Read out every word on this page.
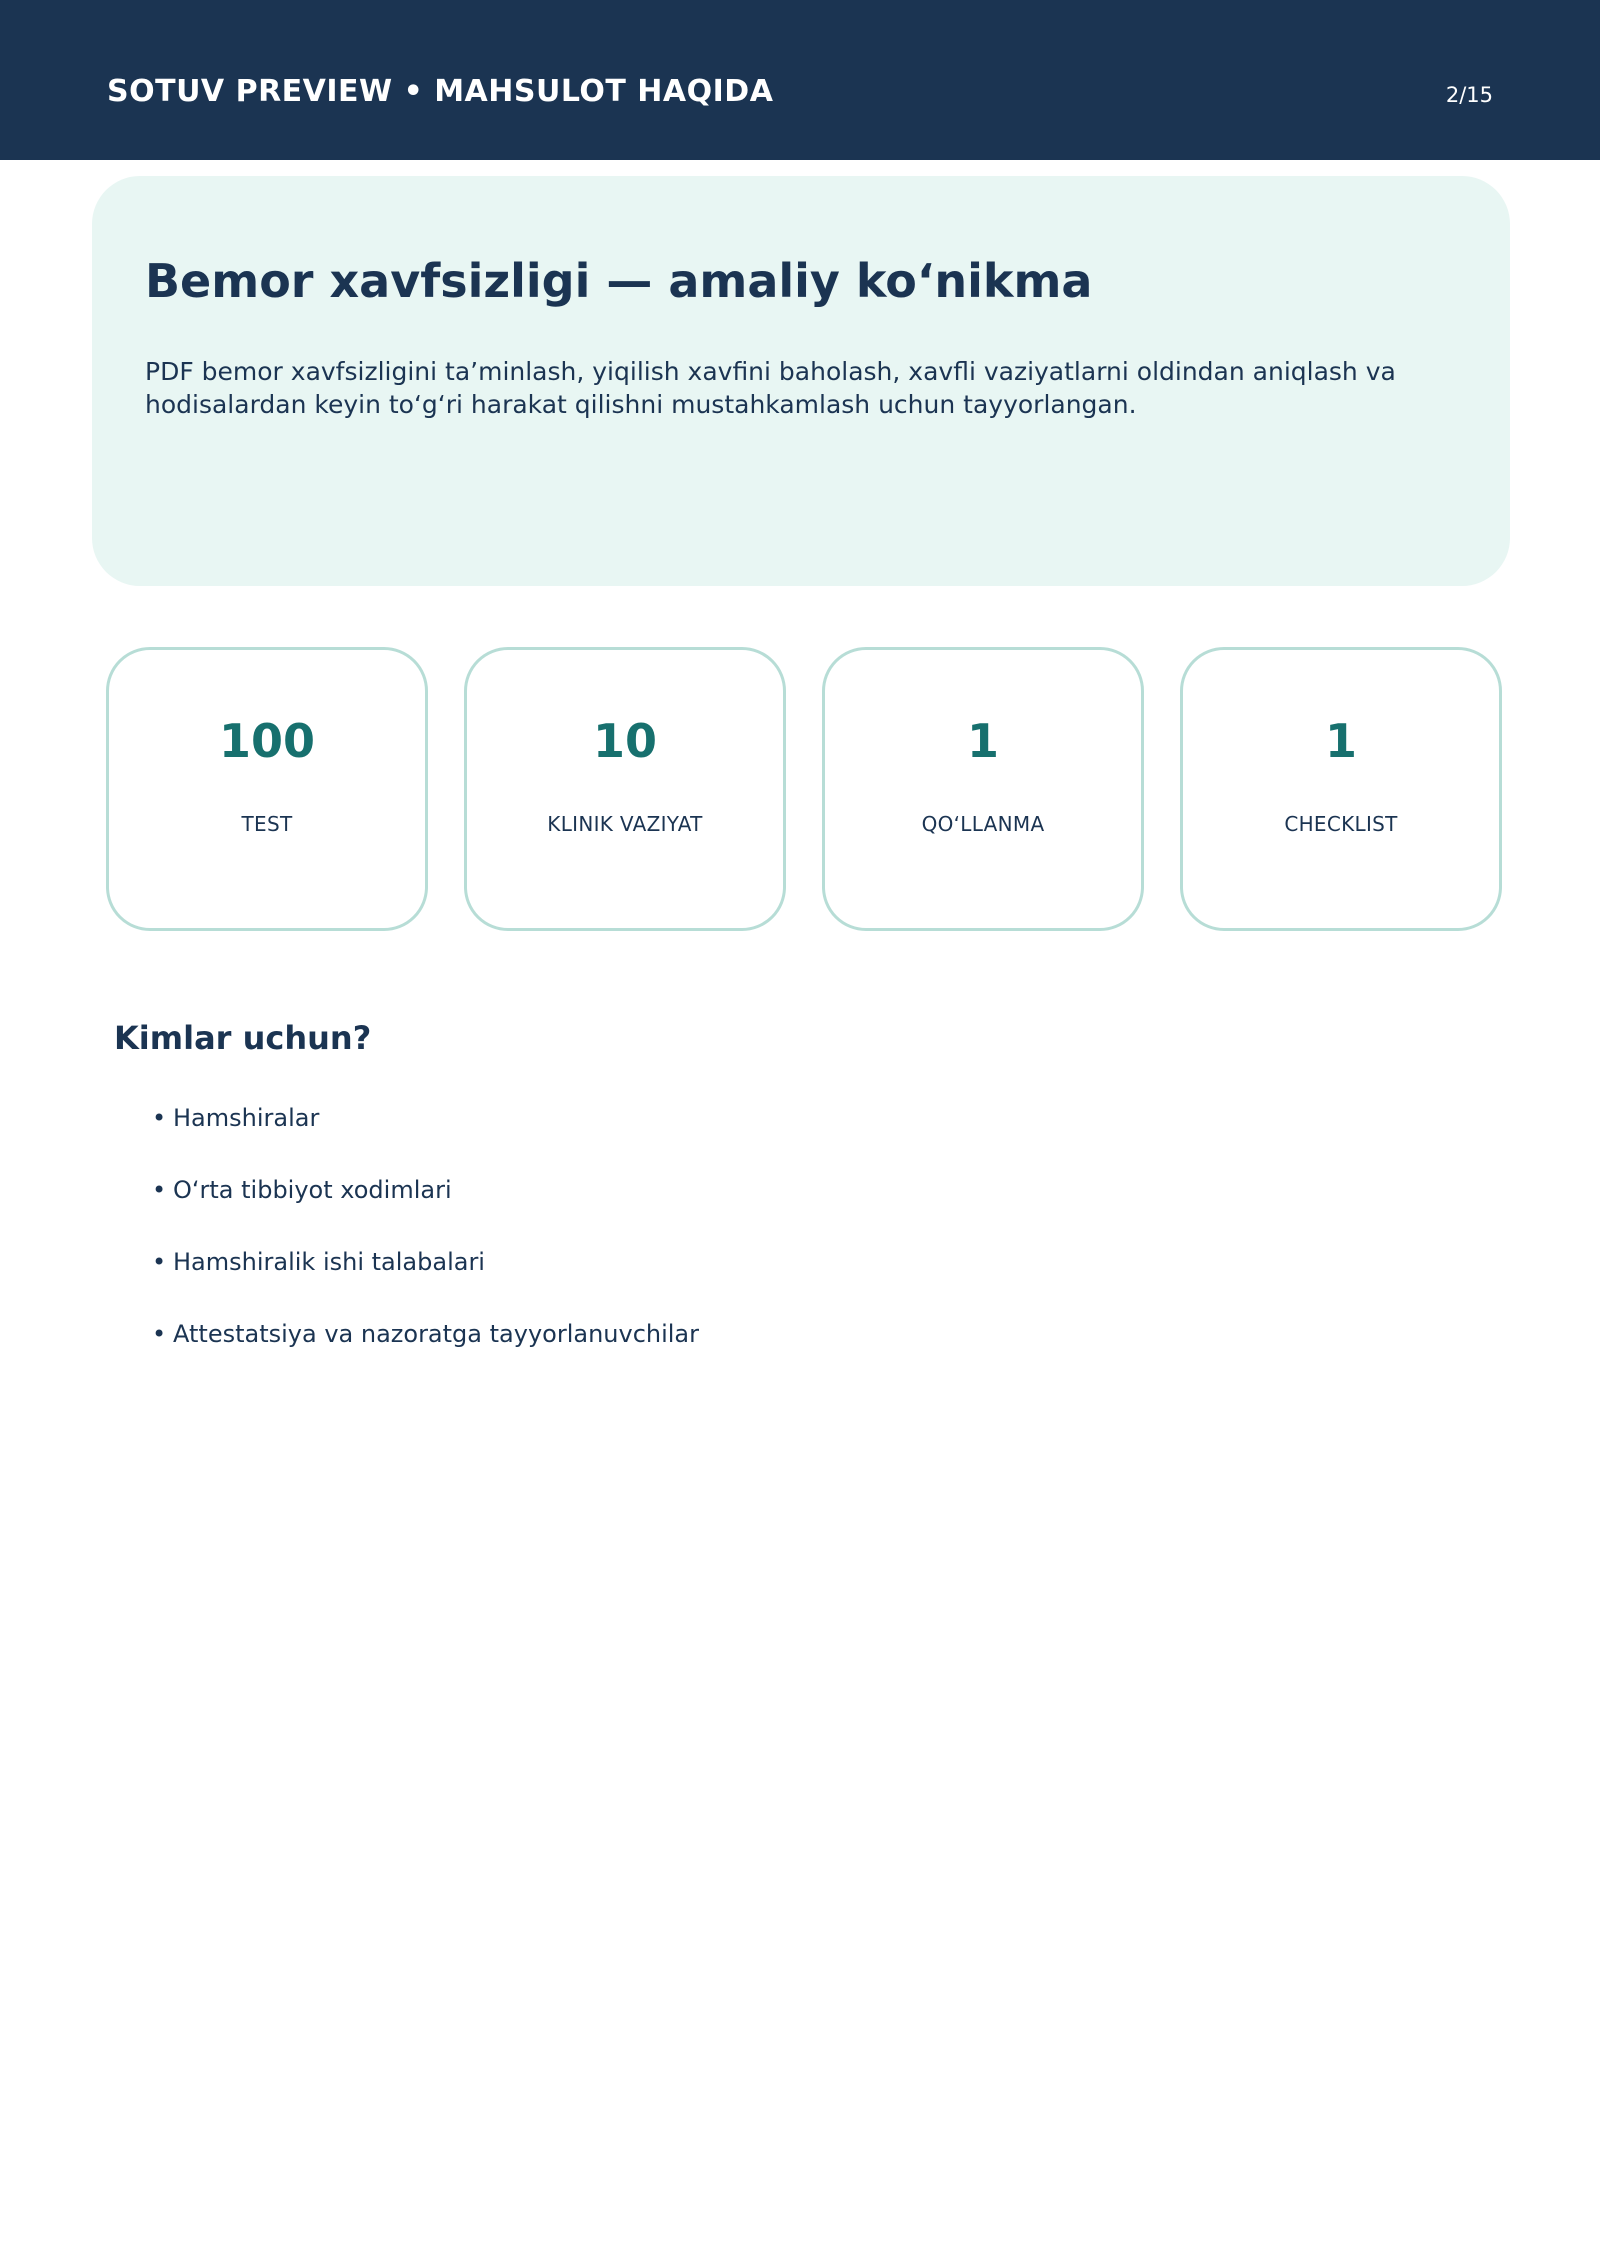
SOTUV PREVIEW • MAHSULOT HAQIDA	2/15
Bemor xavfsizligi — amaliy ko‘nikma
PDF bemor xavfsizligini ta’minlash, yiqilish xavfini baholash, xavfli vaziyatlarni oldindan aniqlash va hodisalardan keyin to‘g‘ri harakat qilishni mustahkamlash uchun tayyorlangan.
100
TEST
10
KLINIK VAZIYAT
1
QO‘LLANMA
1
CHECKLIST
Kimlar uchun?
• Hamshiralar
• O‘rta tibbiyot xodimlari
• Hamshiralik ishi talabalari
• Attestatsiya va nazoratga tayyorlanuvchilar
